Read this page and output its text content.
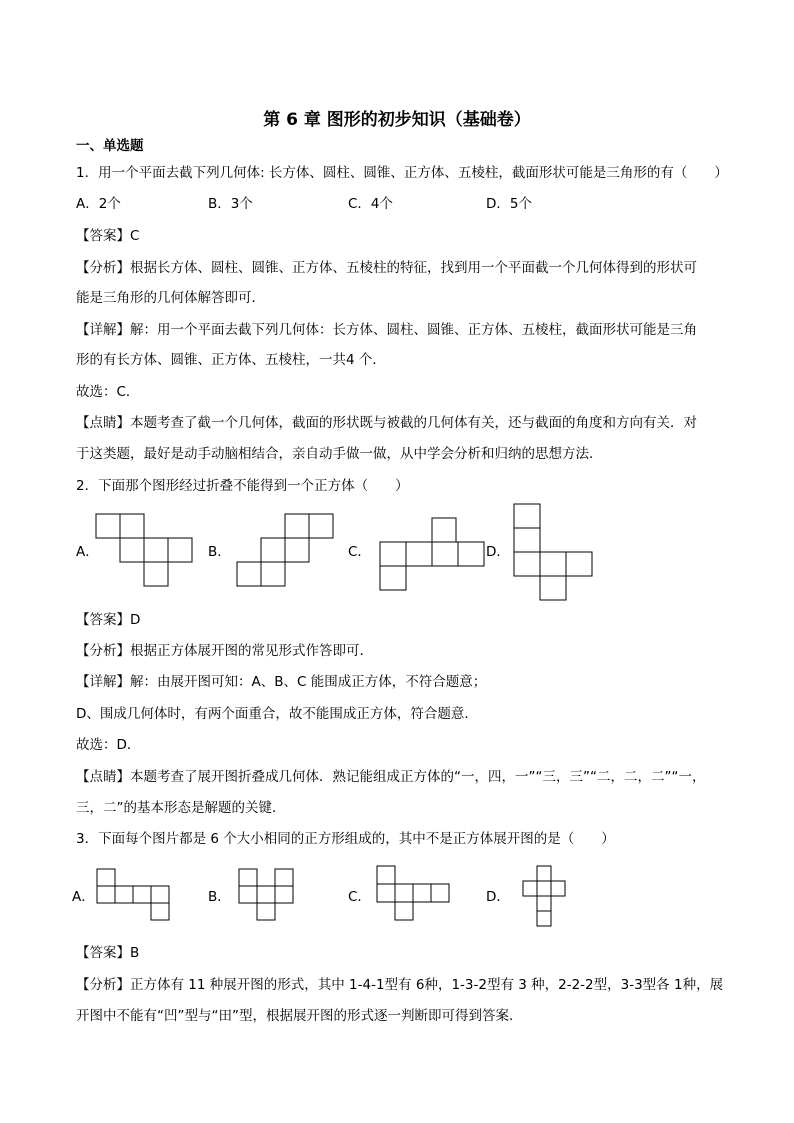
第 6 章 图形的初步知识（基础卷）
一、单选题
1．用一个平面去截下列几何体: 长方体、圆柱、圆锥、正方体、五棱柱，截面形状可能是三角形的有（　　）
A．2个	B．3个	C．4个	D．5个
【答案】C
【分析】根据长方体、圆柱、圆锥、正方体、五棱柱的特征，找到用一个平面截一个几何体得到的形状可
能是三角形的几何体解答即可．
【详解】解：用一个平面去截下列几何体：长方体、圆柱、圆锥、正方体、五棱柱，截面形状可能是三角
形的有长方体、圆锥、正方体、五棱柱，一共4 个．
故选：C．
【点睛】本题考查了截一个几何体，截面的形状既与被截的几何体有关，还与截面的角度和方向有关．对
于这类题，最好是动手动脑相结合，亲自动手做一做，从中学会分析和归纳的思想方法．
2．下面那个图形经过折叠不能得到一个正方体（　　）
A．	B．	C．	D．
【答案】D
【分析】根据正方体展开图的常见形式作答即可．
【详解】解：由展开图可知：A、B、C 能围成正方体，不符合题意；
D、围成几何体时，有两个面重合，故不能围成正方体，符合题意．
故选：D．
【点睛】本题考查了展开图折叠成几何体．熟记能组成正方体的“一，四，一”“三，三”“二，二，二”“一，
三，二”的基本形态是解题的关键．
3．下面每个图片都是 6 个大小相同的正方形组成的，其中不是正方体展开图的是（　　）
A．	B．	C．	D．
【答案】B
【分析】正方体有 11 种展开图的形式，其中 1-4-1型有 6种，1-3-2型有 3 种，2-2-2型，3-3型各 1种，展
开图中不能有“凹”型与“田”型，根据展开图的形式逐一判断即可得到答案．
